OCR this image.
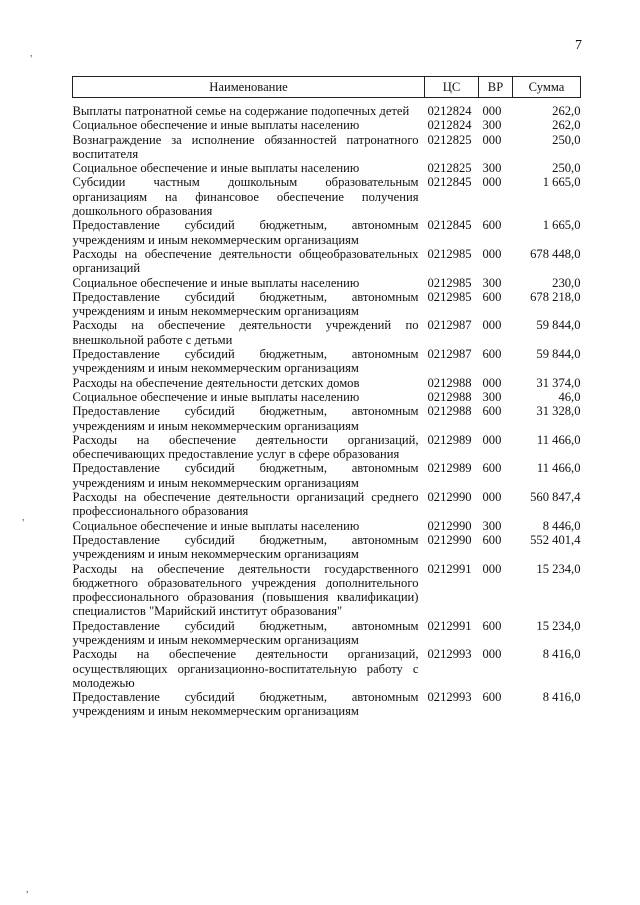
7
,
,
,
Наименование	ЦС	ВР	Сумма
Выплаты патронатной семье на содержание подопечных детей	0212824	000	262,0
Социальное обеспечение и иные выплаты населению	0212824	300	262,0
Вознаграждение за исполнение обязанностей патронатного воспитателя	0212825	000	250,0
Социальное обеспечение и иные выплаты населению	0212825	300	250,0
Субсидии частным дошкольным образовательным организациям на финансовое обеспечение получения дошкольного образования	0212845	000	1 665,0
Предоставление субсидий бюджетным, автономным учреждениям и иным некоммерческим организациям	0212845	600	1 665,0
Расходы на обеспечение деятельности общеобразовательных организаций	0212985	000	678 448,0
Социальное обеспечение и иные выплаты населению	0212985	300	230,0
Предоставление субсидий бюджетным, автономным учреждениям и иным некоммерческим организациям	0212985	600	678 218,0
Расходы на обеспечение деятельности учреждений по внешкольной работе с детьми	0212987	000	59 844,0
Предоставление субсидий бюджетным, автономным учреждениям и иным некоммерческим организациям	0212987	600	59 844,0
Расходы на обеспечение деятельности детских домов	0212988	000	31 374,0
Социальное обеспечение и иные выплаты населению	0212988	300	46,0
Предоставление субсидий бюджетным, автономным учреждениям и иным некоммерческим организациям	0212988	600	31 328,0
Расходы на обеспечение деятельности организаций, обеспечивающих предоставление услуг в сфере образования	0212989	000	11 466,0
Предоставление субсидий бюджетным, автономным учреждениям и иным некоммерческим организациям	0212989	600	11 466,0
Расходы на обеспечение деятельности организаций среднего профессионального образования	0212990	000	560 847,4
Социальное обеспечение и иные выплаты населению	0212990	300	8 446,0
Предоставление субсидий бюджетным, автономным учреждениям и иным некоммерческим организациям	0212990	600	552 401,4
Расходы на обеспечение деятельности государственного бюджетного образовательного учреждения дополнительного профессионального образования (повышения квалификации) специалистов "Марийский институт образования"	0212991	000	15 234,0
Предоставление субсидий бюджетным, автономным учреждениям и иным некоммерческим организациям	0212991	600	15 234,0
Расходы на обеспечение деятельности организаций, осуществляющих организационно-воспитательную работу с молодежью	0212993	000	8 416,0
Предоставление субсидий бюджетным, автономным учреждениям и иным некоммерческим организациям	0212993	600	8 416,0
